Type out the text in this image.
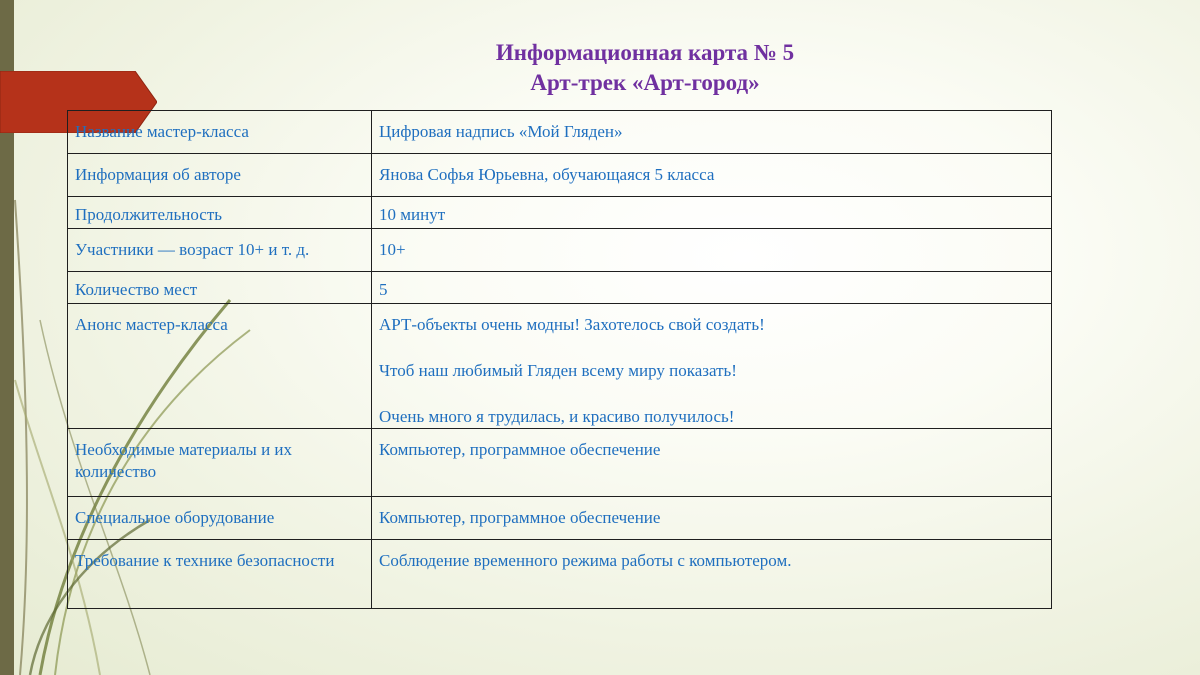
Информационная карта № 5
Арт-трек «Арт-город»
Название мастер-класса	Цифровая надпись «Мой Гляден»

Информация об авторе	Янова Софья Юрьевна, обучающаяся 5 класса

Продолжительность	10 минут

Участники — возраст 10+ и т. д.	10+

Количество мест	5

Анонс мастер-класса	АРТ-объекты очень модны! Захотелось свой создать!

Чтоб наш любимый Гляден всему миру показать!

Очень много я трудилась, и красиво получилось!

Необходимые материалы и их количество	Компьютер, программное обеспечение

Специальное оборудование	Компьютер, программное обеспечение

Требование к технике безопасности	Соблюдение временного режима работы с компьютером.
